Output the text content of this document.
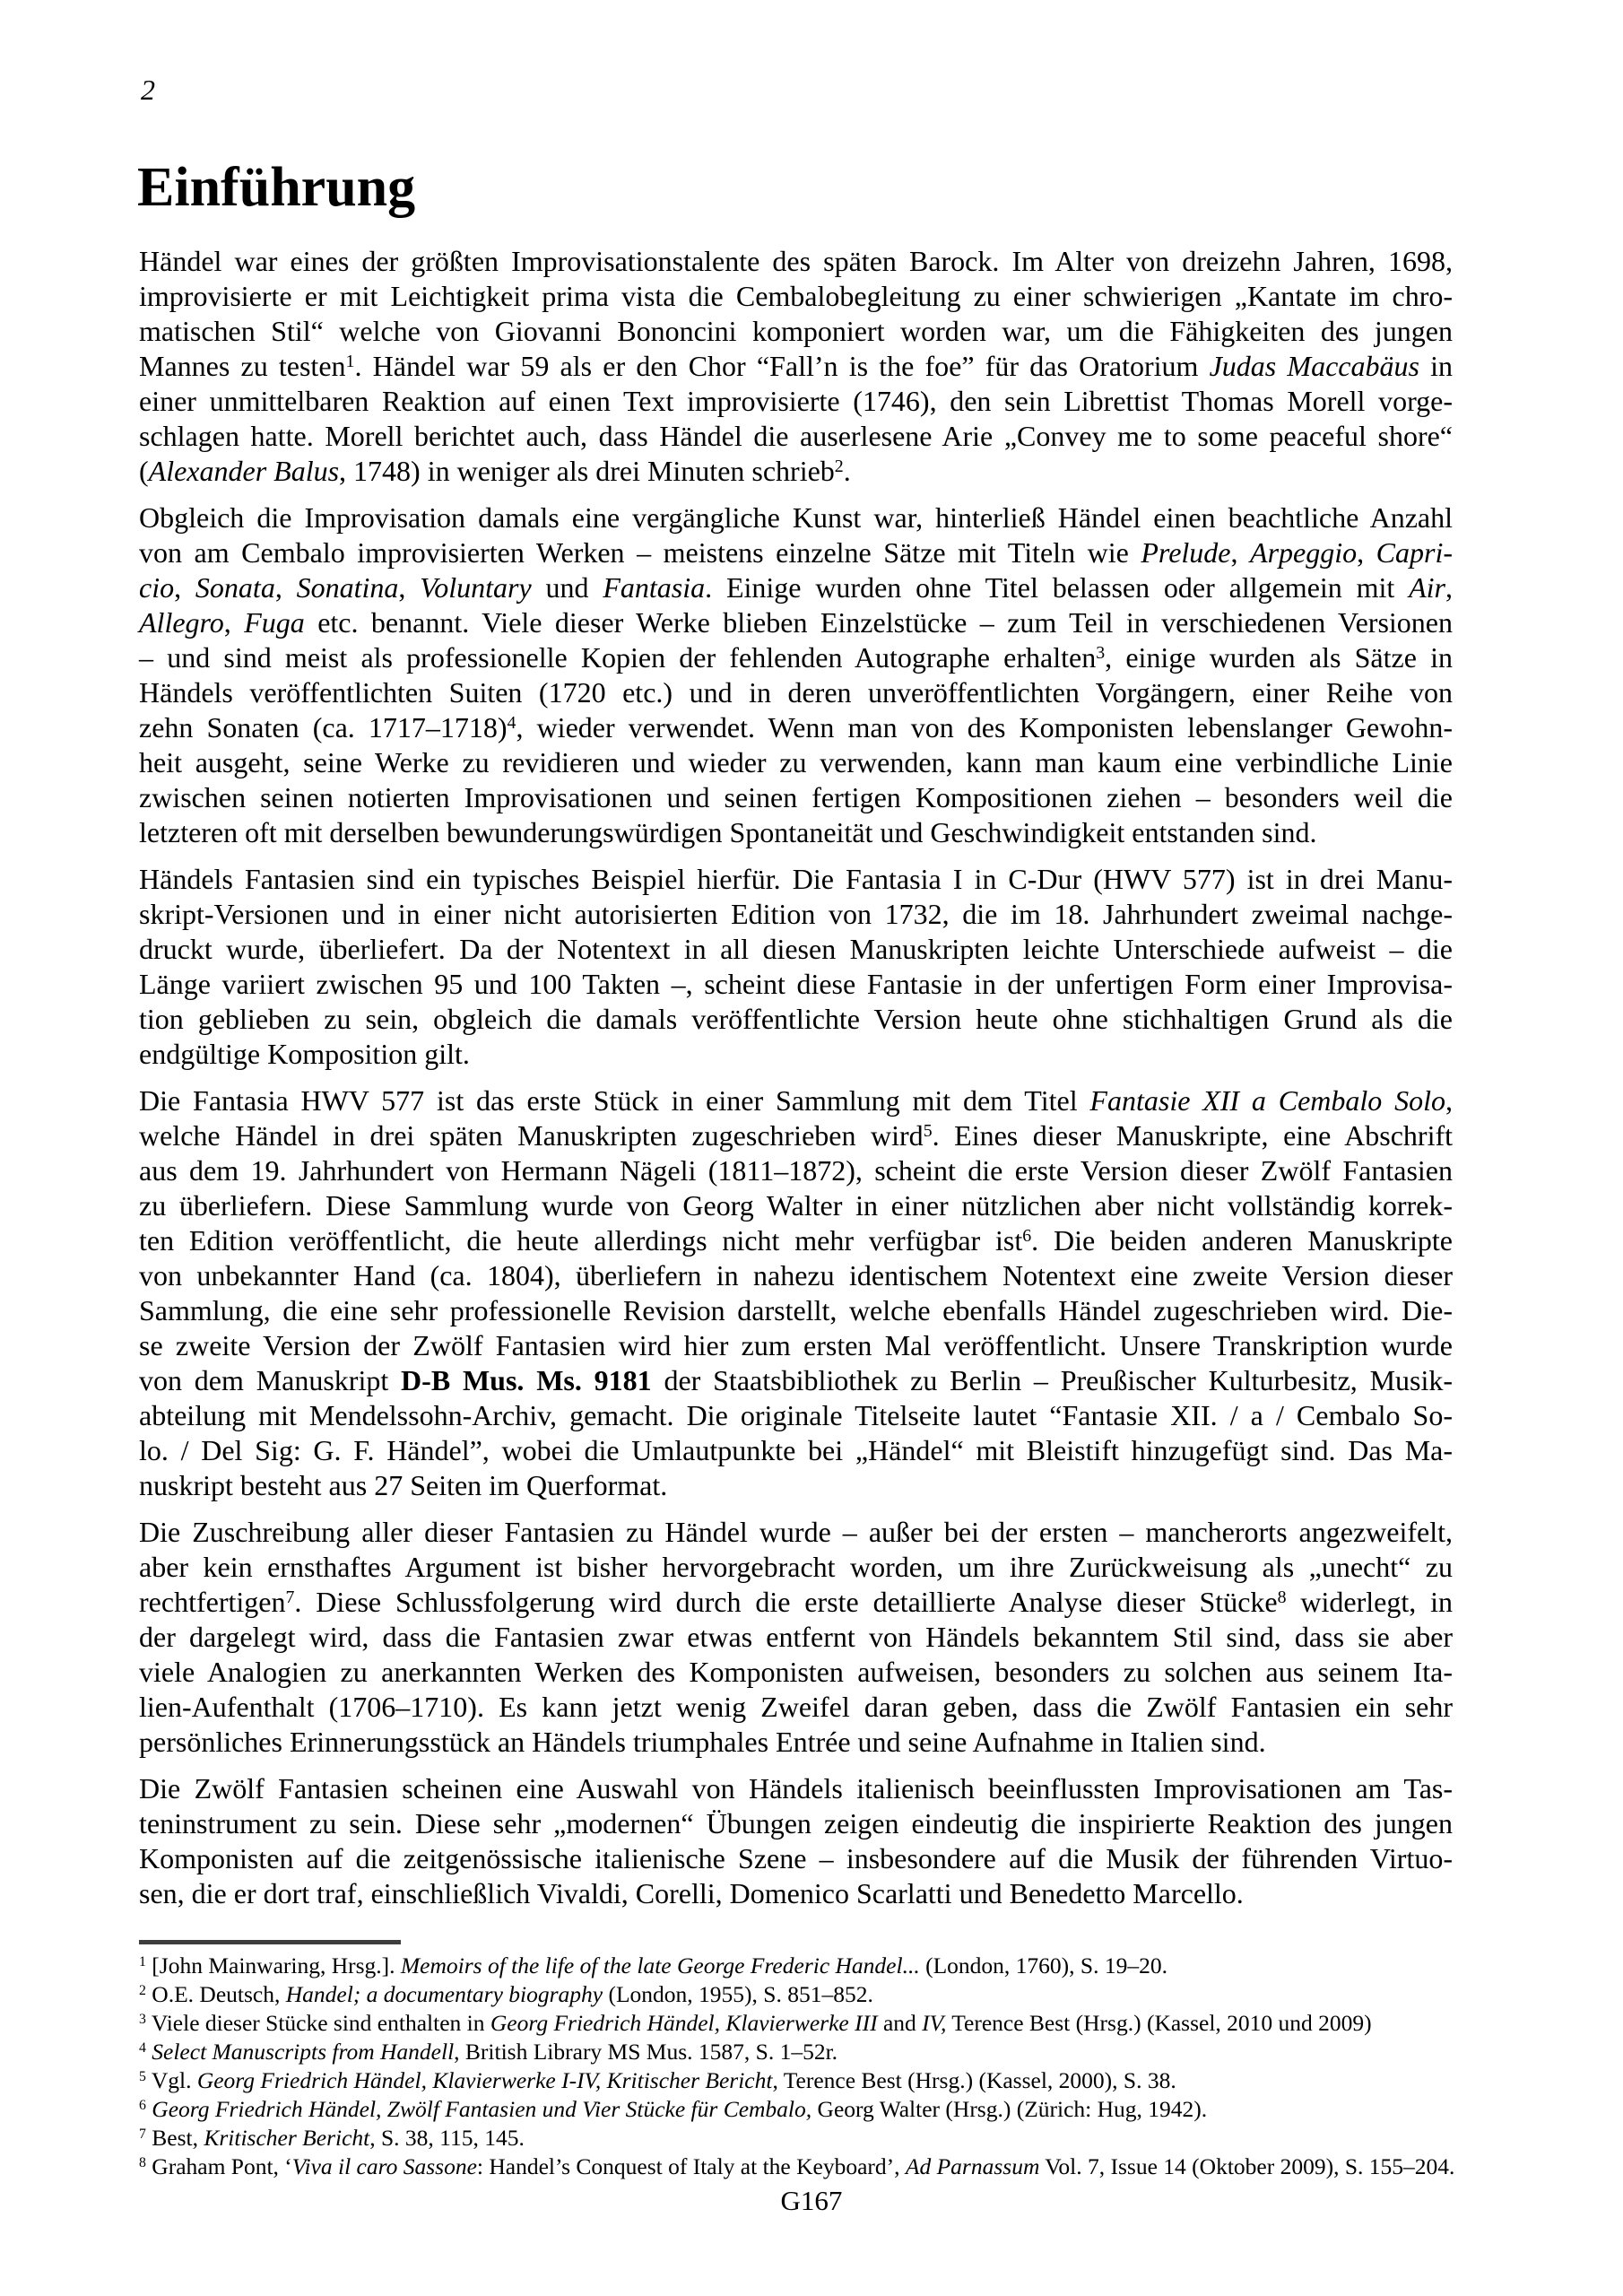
2
Einführung
Händel war eines der größten Improvisationstalente des späten Barock. Im Alter von dreizehn Jahren, 1698,
improvisierte er mit Leichtigkeit prima vista die Cembalobegleitung zu einer schwierigen „Kantate im chro-
matischen Stil“ welche von Giovanni Bononcini komponiert worden war, um die Fähigkeiten des jungen
Mannes zu testen$^1$. Händel war 59 als er den Chor “Fall’n is the foe” für das Oratorium Judas Maccabäus in
einer unmittelbaren Reaktion auf einen Text improvisierte (1746), den sein Librettist Thomas Morell vorge-
schlagen hatte. Morell berichtet auch, dass Händel die auserlesene Arie „Convey me to some peaceful shore“
(Alexander Balus, 1748) in weniger als drei Minuten schrieb$^2$.
Obgleich die Improvisation damals eine vergängliche Kunst war, hinterließ Händel einen beachtliche Anzahl
von am Cembalo improvisierten Werken – meistens einzelne Sätze mit Titeln wie Prelude, Arpeggio, Capri-
cio, Sonata, Sonatina, Voluntary und Fantasia. Einige wurden ohne Titel belassen oder allgemein mit Air,
Allegro, Fuga etc. benannt. Viele dieser Werke blieben Einzelstücke – zum Teil in verschiedenen Versionen
– und sind meist als professionelle Kopien der fehlenden Autographe erhalten$^3$, einige wurden als Sätze in
Händels veröffentlichten Suiten (1720 etc.) und in deren unveröffentlichten Vorgängern, einer Reihe von
zehn Sonaten (ca. 1717–1718)$^4$, wieder verwendet. Wenn man von des Komponisten lebenslanger Gewohn-
heit ausgeht, seine Werke zu revidieren und wieder zu verwenden, kann man kaum eine verbindliche Linie
zwischen seinen notierten Improvisationen und seinen fertigen Kompositionen ziehen – besonders weil die
letzteren oft mit derselben bewunderungswürdigen Spontaneität und Geschwindigkeit entstanden sind.
Händels Fantasien sind ein typisches Beispiel hierfür. Die Fantasia I in C-Dur (HWV 577) ist in drei Manu-
skript-Versionen und in einer nicht autorisierten Edition von 1732, die im 18. Jahrhundert zweimal nachge-
druckt wurde, überliefert. Da der Notentext in all diesen Manuskripten leichte Unterschiede aufweist – die
Länge variiert zwischen 95 und 100 Takten –, scheint diese Fantasie in der unfertigen Form einer Improvisa-
tion geblieben zu sein, obgleich die damals veröffentlichte Version heute ohne stichhaltigen Grund als die
endgültige Komposition gilt.
Die Fantasia HWV 577 ist das erste Stück in einer Sammlung mit dem Titel Fantasie XII a Cembalo Solo,
welche Händel in drei späten Manuskripten zugeschrieben wird$^5$. Eines dieser Manuskripte, eine Abschrift
aus dem 19. Jahrhundert von Hermann Nägeli (1811–1872), scheint die erste Version dieser Zwölf Fantasien
zu überliefern. Diese Sammlung wurde von Georg Walter in einer nützlichen aber nicht vollständig korrek-
ten Edition veröffentlicht, die heute allerdings nicht mehr verfügbar ist$^6$. Die beiden anderen Manuskripte
von unbekannter Hand (ca. 1804), überliefern in nahezu identischem Notentext eine zweite Version dieser
Sammlung, die eine sehr professionelle Revision darstellt, welche ebenfalls Händel zugeschrieben wird. Die-
se zweite Version der Zwölf Fantasien wird hier zum ersten Mal veröffentlicht. Unsere Transkription wurde
von dem Manuskript D-B Mus. Ms. 9181 der Staatsbibliothek zu Berlin – Preußischer Kulturbesitz, Musik-
abteilung mit Mendelssohn-Archiv, gemacht. Die originale Titelseite lautet “Fantasie XII. / a / Cembalo So-
lo. / Del Sig: G. F. Händel”, wobei die Umlautpunkte bei „Händel“ mit Bleistift hinzugefügt sind. Das Ma-
nuskript besteht aus 27 Seiten im Querformat.
Die Zuschreibung aller dieser Fantasien zu Händel wurde – außer bei der ersten – mancherorts angezweifelt,
aber kein ernsthaftes Argument ist bisher hervorgebracht worden, um ihre Zurückweisung als „unecht“ zu
rechtfertigen$^7$. Diese Schlussfolgerung wird durch die erste detaillierte Analyse dieser Stücke$^8$ widerlegt, in
der dargelegt wird, dass die Fantasien zwar etwas entfernt von Händels bekanntem Stil sind, dass sie aber
viele Analogien zu anerkannten Werken des Komponisten aufweisen, besonders zu solchen aus seinem Ita-
lien-Aufenthalt (1706–1710). Es kann jetzt wenig Zweifel daran geben, dass die Zwölf Fantasien ein sehr
persönliches Erinnerungsstück an Händels triumphales Entrée und seine Aufnahme in Italien sind.
Die Zwölf Fantasien scheinen eine Auswahl von Händels italienisch beeinflussten Improvisationen am Tas-
teninstrument zu sein. Diese sehr „modernen“ Übungen zeigen eindeutig die inspirierte Reaktion des jungen
Komponisten auf die zeitgenössische italienische Szene – insbesondere auf die Musik der führenden Virtuo-
sen, die er dort traf, einschließlich Vivaldi, Corelli, Domenico Scarlatti und Benedetto Marcello.
$^1$ [John Mainwaring, Hrsg.]. Memoirs of the life of the late George Frederic Handel... (London, 1760), S. 19–20.
$^2$ O.E. Deutsch, Handel; a documentary biography (London, 1955), S. 851–852.
$^3$ Viele dieser Stücke sind enthalten in Georg Friedrich Händel, Klavierwerke III and IV, Terence Best (Hrsg.) (Kassel, 2010 und 2009)
$^4$ Select Manuscripts from Handell, British Library MS Mus. 1587, S. 1–52r.
$^5$ Vgl. Georg Friedrich Händel, Klavierwerke I-IV, Kritischer Bericht, Terence Best (Hrsg.) (Kassel, 2000), S. 38.
$^6$ Georg Friedrich Händel, Zwölf Fantasien und Vier Stücke für Cembalo, Georg Walter (Hrsg.) (Zürich: Hug, 1942).
$^7$ Best, Kritischer Bericht, S. 38, 115, 145.
$^8$ Graham Pont, ‘Viva il caro Sassone: Handel’s Conquest of Italy at the Keyboard’, Ad Parnassum Vol. 7, Issue 14 (Oktober 2009), S. 155–204.
G167
